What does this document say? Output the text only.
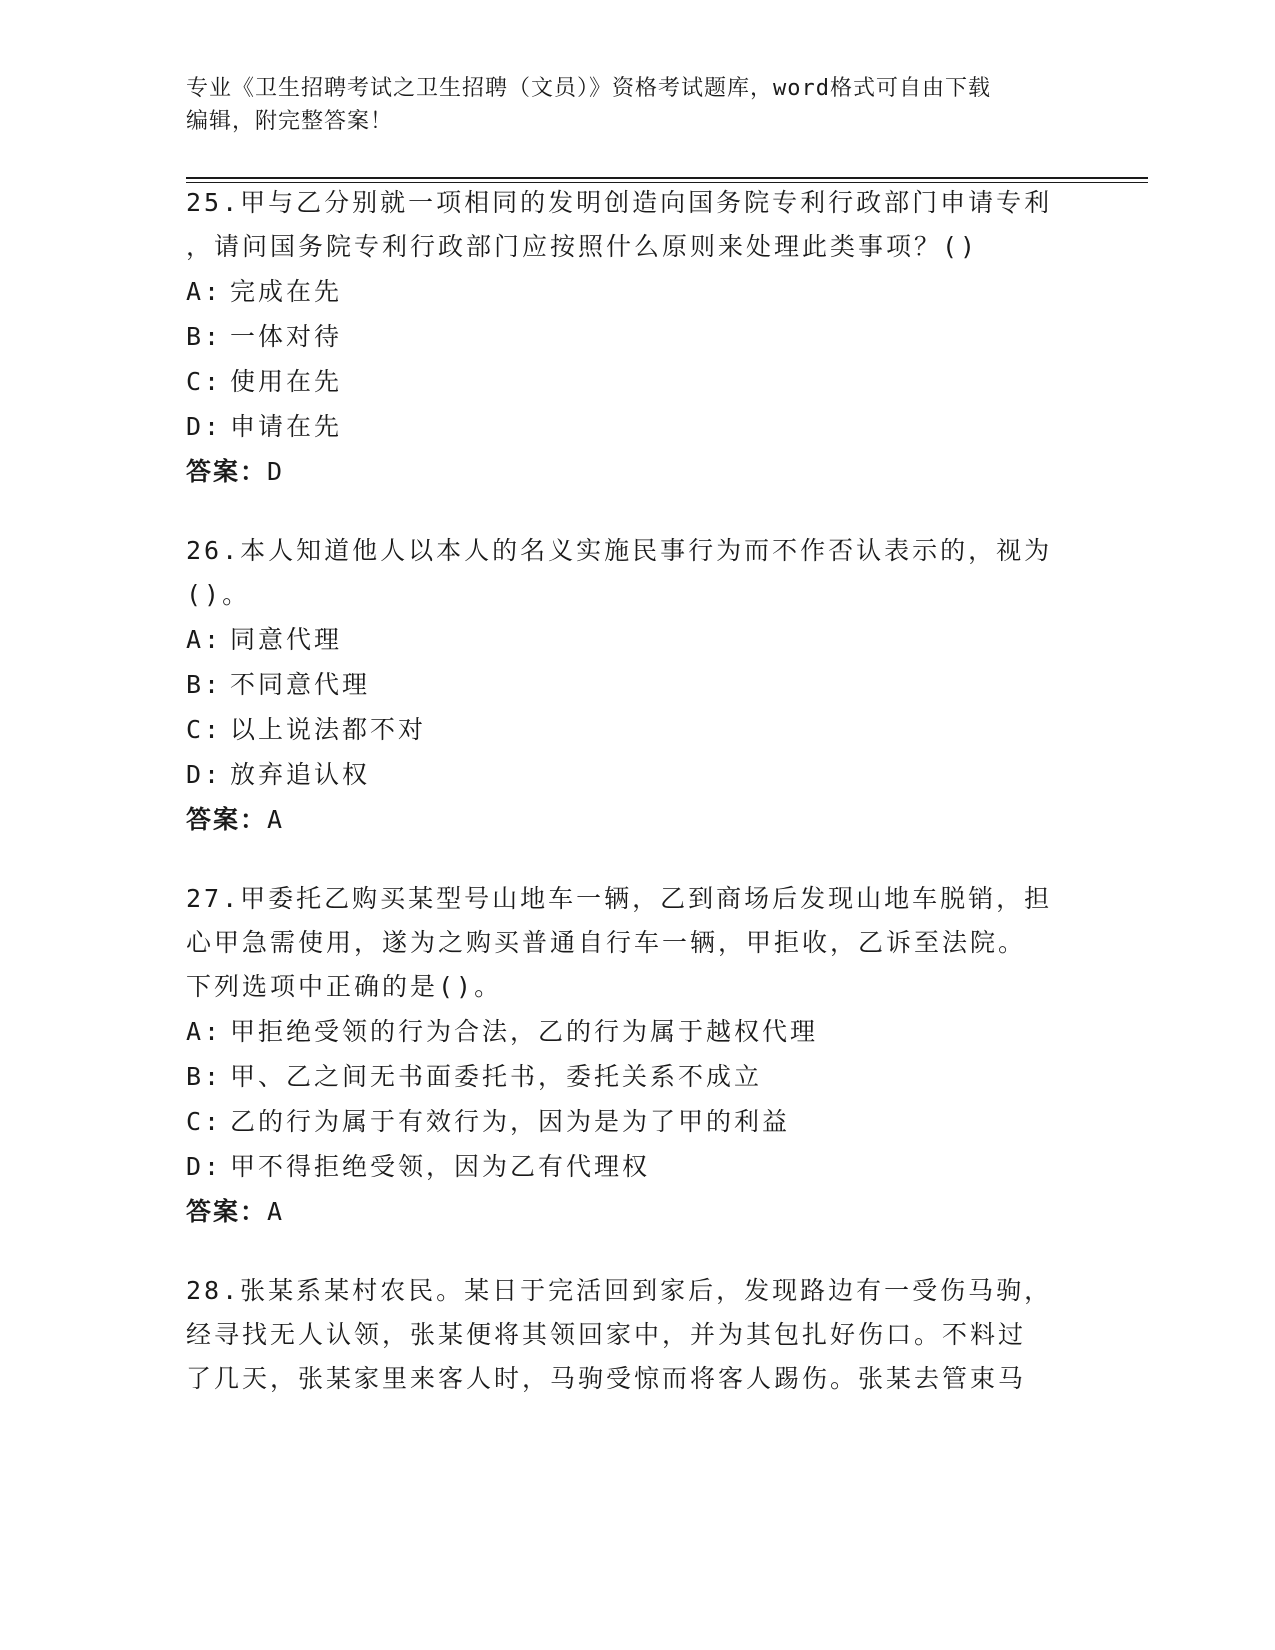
专业《卫生招聘考试之卫生招聘（文员）》资格考试题库，word格式可自由下载
编辑，附完整答案！

25.甲与乙分别就一项相同的发明创造向国务院专利行政部门申请专利

，请问国务院专利行政部门应按照什么原则来处理此类事项？()

A: 完成在先

B: 一体对待

C: 使用在先

D: 申请在先

答案：D

26.本人知道他人以本人的名义实施民事行为而不作否认表示的，视为

()。

A: 同意代理

B: 不同意代理

C: 以上说法都不对

D: 放弃追认权

答案：A

27.甲委托乙购买某型号山地车一辆，乙到商场后发现山地车脱销，担

心甲急需使用，遂为之购买普通自行车一辆，甲拒收，乙诉至法院。

下列选项中正确的是()。

A: 甲拒绝受领的行为合法，乙的行为属于越权代理

B: 甲、乙之间无书面委托书，委托关系不成立

C: 乙的行为属于有效行为，因为是为了甲的利益

D: 甲不得拒绝受领，因为乙有代理权

答案：A

28.张某系某村农民。某日于完活回到家后，发现路边有一受伤马驹，

经寻找无人认领，张某便将其领回家中，并为其包扎好伤口。不料过

了几天，张某家里来客人时，马驹受惊而将客人踢伤。张某去管束马
